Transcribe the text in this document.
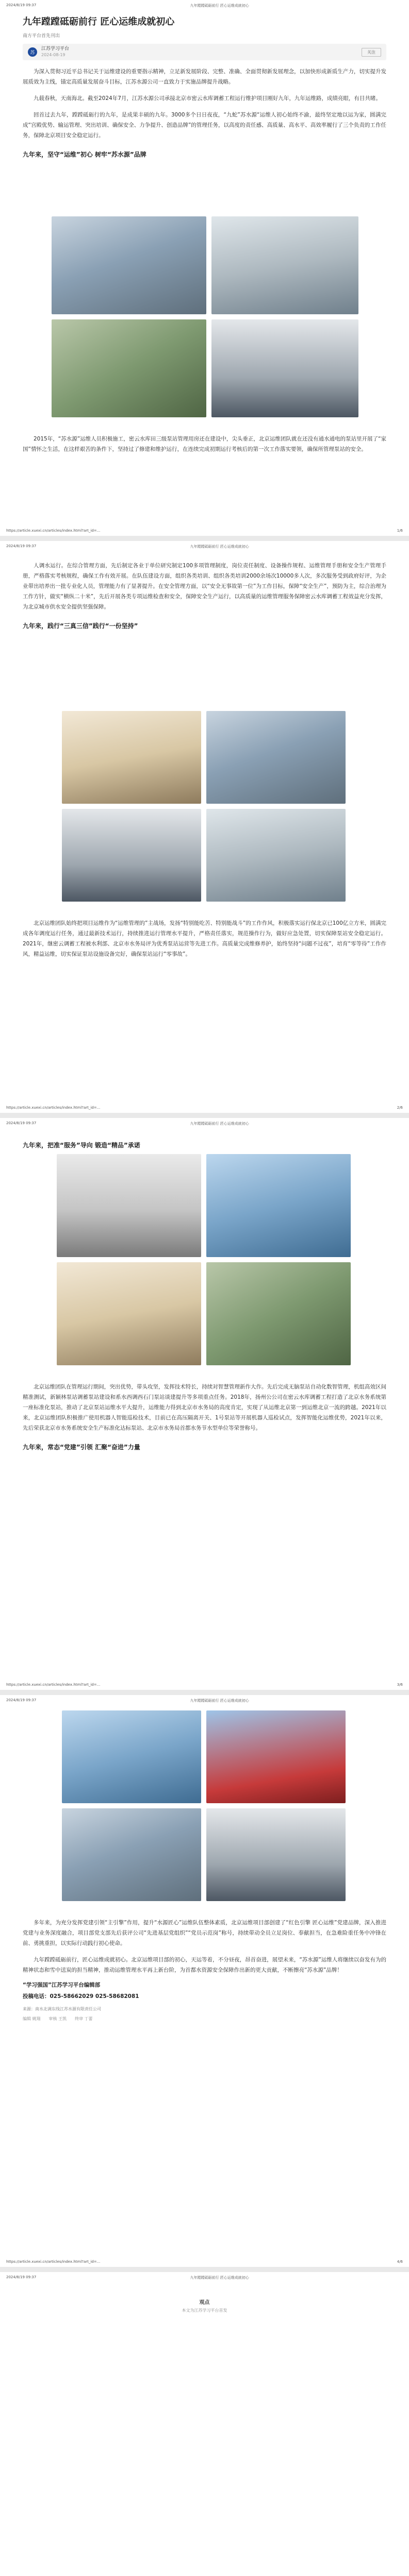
2024/8/19 09:37	九年蹚蹚砥砺前行 匠心运维成就初心
九年蹚蹚砥砺前行 匠心运维成就初心
南方平台首先刊出
苏
江苏学习平台
2024-08-19
关注

为深入贯彻习近平总书记关于运维建设的重要指示精神，立足新发展阶段、完整、准确、全面贯彻新发展理念，以加快形成新质生产力，切实提升发展质效为主线，锚定高质量发展奋斗目标，江苏水源公司一直致力于实施品牌提升战略。

九载春秋，天南海北。截至2024年7月，江苏水源公司承接北京市密云水库调蓄工程运行维护项目刚好九年，九年运维路，成绩亮眼，有目共睹。

回首过去九年，蹚蹚砥砺行的九年，是成果丰硕的九年。3000多个日日夜夜，“九蛇”苏水源“运维人初心始终不渝，最终坚定地以运为家，圆满完成“宫殿优势、输运管理、突出培训、确保安全、力争提升、创造品牌”的管理任务，以高度的责任感、高质量、高水平、高效率履行了三个负责的工作任务，保障北京项目安全稳定运行。

九年来，坚守“运维”初心 树牢“苏水源”品牌

2015年，“苏水源”运维人员积极施工，密云水库田三级泵站管理用房还在建设中，尖头垂正，北京运维团队就在还没有通水通电的泵站里开展了“家国”情怀之生活，在这样艰苦的条件下，坚持过了修建和维护运行，在连续完成初期运行考核后的第一次工作落实要领，确保所管理泵站的安全。

https://article.xuexi.cn/articles/index.html?art_id=...	1/6
2024/8/19 09:37	九年蹚蹚砥砺前行 匠心运维成就初心

人调水运行。在综合管理方面，先后制定各业于单位研究制定100多项管理制度，岗位责任制度、设备操作规程、运维管理手册和安全生产管理手册，严格落实考核规程，确保工作有效开展。在队伍建设方面，组织各类培训、组织各类培训2000余场次10000多人次，多次服务受到政府好评，为企业带出培养出一批专业化人员，管理能力有了显著提升。在安全管理方面，以“安全无事故第一位”为工作目标，保障“安全生产”，预防为主，综合治理为工作方针，做实“横纵二十米”，先后开展各类专项运维检查和安全，保障安全生产运行，以高质量的运维管理服务保障密云水库调蓄工程效益充分发挥，为北京城市供水安全提供坚强保障。

九年来，践行“三真三信”践行“一份坚持”

北京运维团队始终把项目运维作为“运维管理的”主战场，发扬“特别能吃苦、特别能战斗”的工作作风，积极落实运行保北京已100亿立方米，圆满完成各年调度运行任务，通过最新技术运行，持续推进运行管理水平提升，严格责任落实，规范操作行为，做好应急处置，切实保障泵站安全稳定运行。2021年，继密云调蓄工程被水利部、北京市水务局评为优秀泵站运营等先进工作。高质量完成维修养护，始终坚持“问题不过夜”，培育“零等待”工作作风，精益运维，切实保证泵站设施设备完好，确保泵站运行“零事故”。

https://article.xuexi.cn/articles/index.html?art_id=...	2/6
2024/8/19 09:37	九年蹚蹚砥砺前行 匠心运维成就初心
九年来，把准“服务”导向 锻造“精品”承诺

北京运维团队在管理运行期间，突出优势，带头攻坚，发挥技术特长，持续对智慧管理新作大作。先后完成无脑泵站自动化数智管理，机组高效区间精准测试，新颖林泵站调蓄泵站建设和系水西调西石门泵站谈建提升等多项重点任务。2018年，扬州公公司在密云水库调蓄工程打造了北京水务系统第一座标准化泵站，推动了北京泵站运维水平大提升，运维能力得到北京市水务局的高度肯定，实现了从运维北京第一到运维北京一流的跨越。2021年以来，北京运维团队积极推广使用机器人智能巡检技术，目前已在高压隔离开关、1号泵站等开展机器人巡检试点，发挥智能化运维优势，2021年以来，先后荣获北京市水务系统安全生产标准化达标泵站、北京市水务局首都水务节水型单位等荣誉称号。

九年来，常态“党建”引领 汇聚“奋进”力量
https://article.xuexi.cn/articles/index.html?art_id=...	3/6
2024/8/19 09:37	九年蹚蹚砥砺前行 匠心运维成就初心

多年来，为充分发挥党建引领“主引擎”作用，提升“水源匠心”运维队伍整体素质，北京运维项目部创建了“红色引擎 匠心运维”党建品牌，深入推进党建与业务深度融合，项目部党支部先后获评公司“先进基层党组织”“党员示范岗”称号，持续带动全员立足岗位、奉献担当，在急难险重任务中冲锋在前、勇挑重担，以实际行动践行初心使命。

九年蹚蹚砥砺前行，匠心运维成就初心。北京运维项目部的初心，天运等着，不分昼夜，昂首奋进，展望未来，“苏水源”运维人将继续以奋发有为的精神状态和雪中送炭的担当精神，推动运维管理水平再上新台阶，为首都水资源安全保障作出新的更大贡献，不断擦亮“苏水源”品牌！

“学习强国”江苏学习平台编辑部
投稿电话：025-58662029 025-58682081
来源：南水北调东线江苏水源有限责任公司
编辑 姚翔 审核 王凯 终审 丁蕾
https://article.xuexi.cn/articles/index.html?art_id=...	4/6
2024/8/19 09:37	九年蹚蹚砥砺前行 匠心运维成就初心
观点
本文为江苏学习平台首发
